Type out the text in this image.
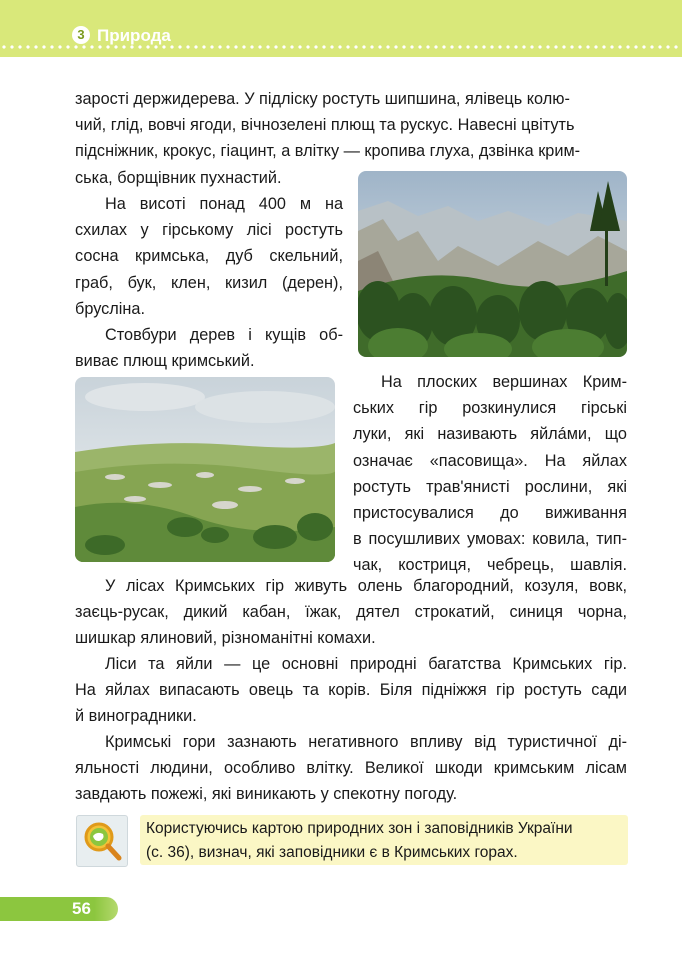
3 Природа
зарості держидерева. У підліску ростуть шипшина, ялівець колю-
чий, глід, вовчі ягоди, вічнозелені плющ та рускус. Навесні цвітуть
підсніжник, крокус, гіацинт, а влітку — кропива глуха, дзвінка крим-
ська, борщівник пухнастий.
На висоті понад 400 м на
схилах у гірському лісі ростуть
сосна кримська, дуб скельний,
граб, бук, клен, кизил (дерен),
брусліна.
Стовбури дерев і кущів об-
виває плющ кримський.
На плоских вершинах Крим-
ських гір розкинулися гірські
луки, які називають яйлáми, що
означає «пасовища». На яйлах
ростуть трав'янисті рослини, які
пристосувалися до виживання
в посушливих умовах: ковила, тип-
чак, костриця, чебрець, шавлія.
У лісах Кримських гір живуть олень благородний, козуля, вовк,
заєць-русак, дикий кабан, їжак, дятел строкатий, синиця чорна,
шишкар ялиновий, різноманітні комахи.
Ліси та яйли — це основні природні багатства Кримських гір.
На яйлах випасають овець та корів. Біля підніжжя гір ростуть сади
й виноградники.
Кримські гори зазнають негативного впливу від туристичної ді-
яльності людини, особливо влітку. Великої шкоди кримським лісам
завдають пожежі, які виникають у спекотну погоду.
Користуючись картою природних зон і заповідників України
(с. 36), визнач, які заповідники є в Кримських горах.
56
